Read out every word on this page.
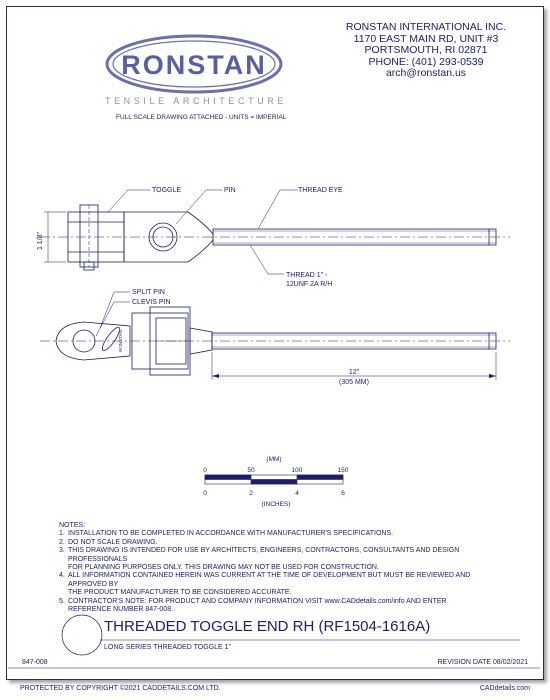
RONSTAN
TENSILE ARCHITECTURE
FULL SCALE DRAWING ATTACHED - UNITS = IMPERIAL
RONSTAN INTERNATIONAL INC.
1170 EAST MAIN RD, UNIT #3
PORTSMOUTH, RI 02871
PHONE: (401) 293-0539
arch@ronstan.us
TOGGLE	PIN	THREAD EYE
1 1/8"
THREAD 1" -
12UNF 2A R/H
SPLIT PIN
CLEVIS PIN
RONSTAN
12"
(305 MM)
(MM)
0	50	100	150
0	2	4	6
(INCHES)
NOTES:
1. INSTALLATION TO BE COMPLETED IN ACCORDANCE WITH MANUFACTURER'S SPECIFICATIONS.
2. DO NOT SCALE DRAWING.
3. THIS DRAWING IS INTENDED FOR USE BY ARCHITECTS, ENGINEERS, CONTRACTORS, CONSULTANTS AND DESIGN PROFESSIONALS
FOR PLANNING PURPOSES ONLY. THIS DRAWING MAY NOT BE USED FOR CONSTRUCTION.
4. ALL INFORMATION CONTAINED HEREIN WAS CURRENT AT THE TIME OF DEVELOPMENT BUT MUST BE REVIEWED AND APPROVED BY
THE PRODUCT MANUFACTURER TO BE CONSIDERED ACCURATE.
5. CONTRACTOR'S NOTE: FOR PRODUCT AND COMPANY INFORMATION VISIT www.CADdetails.com/info AND ENTER
REFERENCE NUMBER 847-008.
THREADED TOGGLE END RH (RF1504-1616A)
LONG SERIES THREADED TOGGLE 1"
847-008	REVISION DATE 08/02/2021
PROTECTED BY COPYRIGHT ©2021 CADDETAILS.COM LTD.	CADdetails.com
